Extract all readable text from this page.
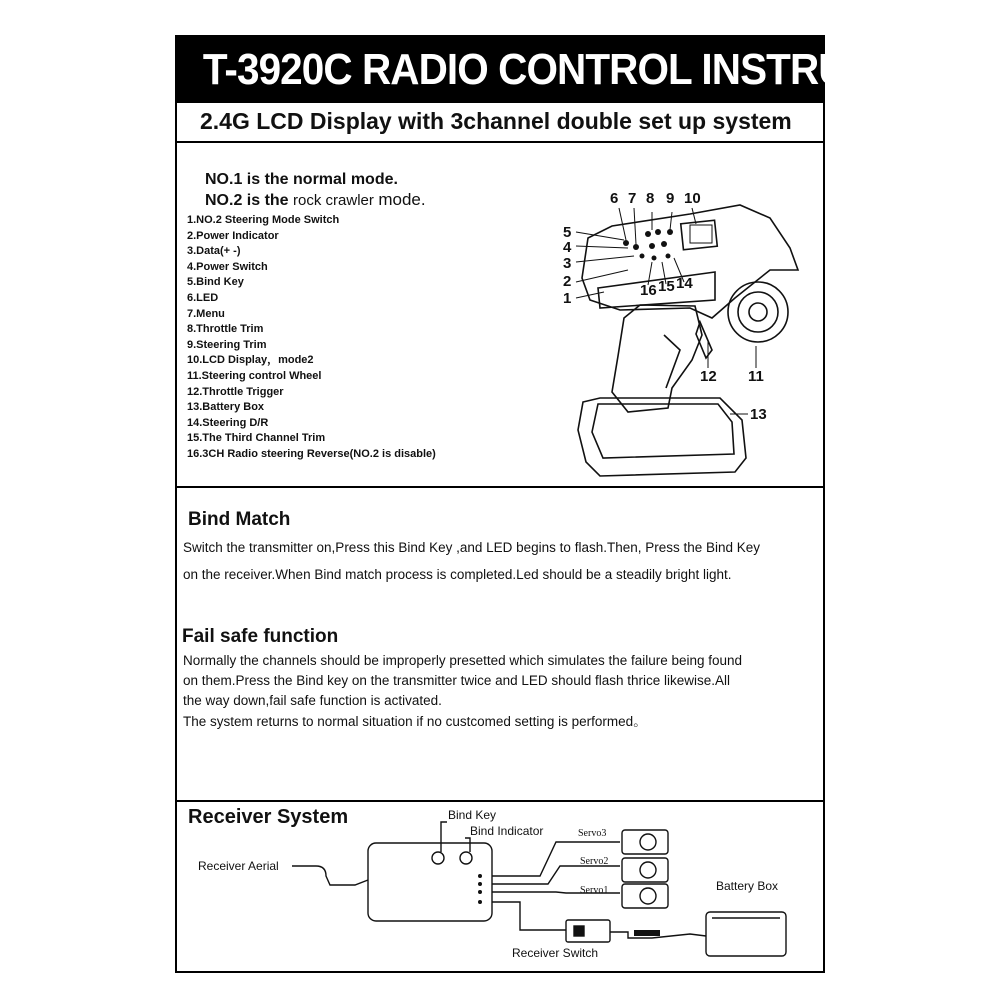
T-3920C RADIO CONTROL INSTRUCTION
2.4G LCD Display with 3channel double set up system
NO.1 is the normal mode.
NO.2 is the rock crawler mode.
1.NO.2 Steering Mode Switch
2.Power Indicator
3.Data(+ -)
4.Power Switch
5.Bind Key
6.LED
7.Menu
8.Throttle Trim
9.Steering Trim
10.LCD Display，mode2
11.Steering control Wheel
12.Throttle Trigger
13.Battery Box
14.Steering D/R
15.The Third Channel Trim
16.3CH Radio steering Reverse(NO.2 is disable)
6 7 8 9 10
5
4
3
2
1	16 15 14
11
12
13
Bind Match
Switch the transmitter on,Press this Bind Key ,and LED begins to flash.Then, Press the Bind Key
on the receiver.When Bind match process is completed.Led should be a steadily bright light.
Fail safe function
Normally the channels should be improperly presetted which simulates the failure being found
on them.Press the Bind key on the transmitter twice and LED should flash thrice likewise.All
the way down,fail safe function is activated.
The system returns to normal situation if no custcomed setting is performed。
Receiver System	Bind Key
Bind Indicator
Receiver Aerial
Servo3
Servo2
Servo1	Battery Box
Receiver Switch
